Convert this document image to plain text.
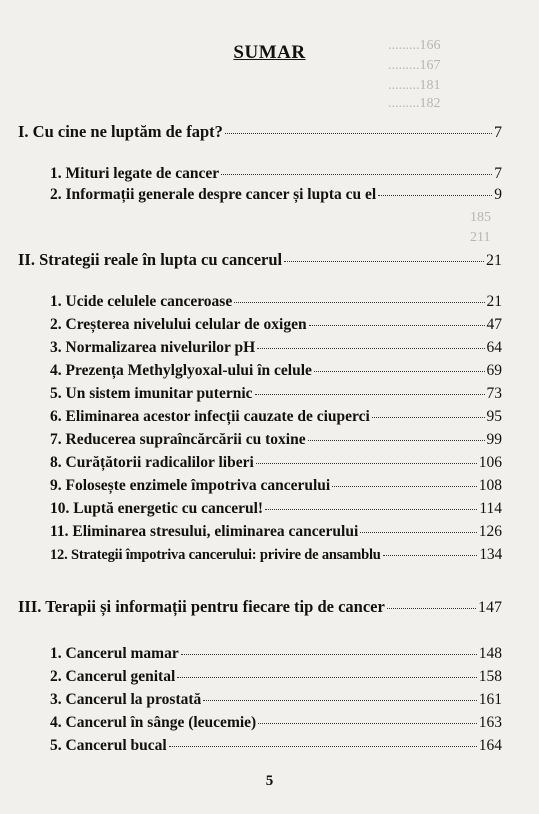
.........166
.........167
.........181
.........182
185
211
SUMAR
I. Cu cine ne luptăm de fapt?	7
1. Mituri legate de cancer	7
2. Informații generale despre cancer și lupta cu el	9
II. Strategii reale în lupta cu cancerul	21
1. Ucide celulele canceroase	21
2. Creșterea nivelului celular de oxigen	47
3. Normalizarea nivelurilor pH	64
4. Prezența Methylglyoxal-ului în celule	69
5. Un sistem imunitar puternic	73
6. Eliminarea acestor infecții cauzate de ciuperci	95
7. Reducerea supraîncărcării cu toxine	99
8. Curățătorii radicalilor liberi	106
9. Folosește enzimele împotriva cancerului	108
10. Luptă energetic cu cancerul!	114
11. Eliminarea stresului, eliminarea cancerului	126
12. Strategii împotriva cancerului: privire de ansamblu	134
III. Terapii și informații pentru fiecare tip de cancer	147
1. Cancerul mamar	148
2. Cancerul genital	158
3. Cancerul la prostată	161
4. Cancerul în sânge (leucemie)	163
5. Cancerul bucal	164
5
